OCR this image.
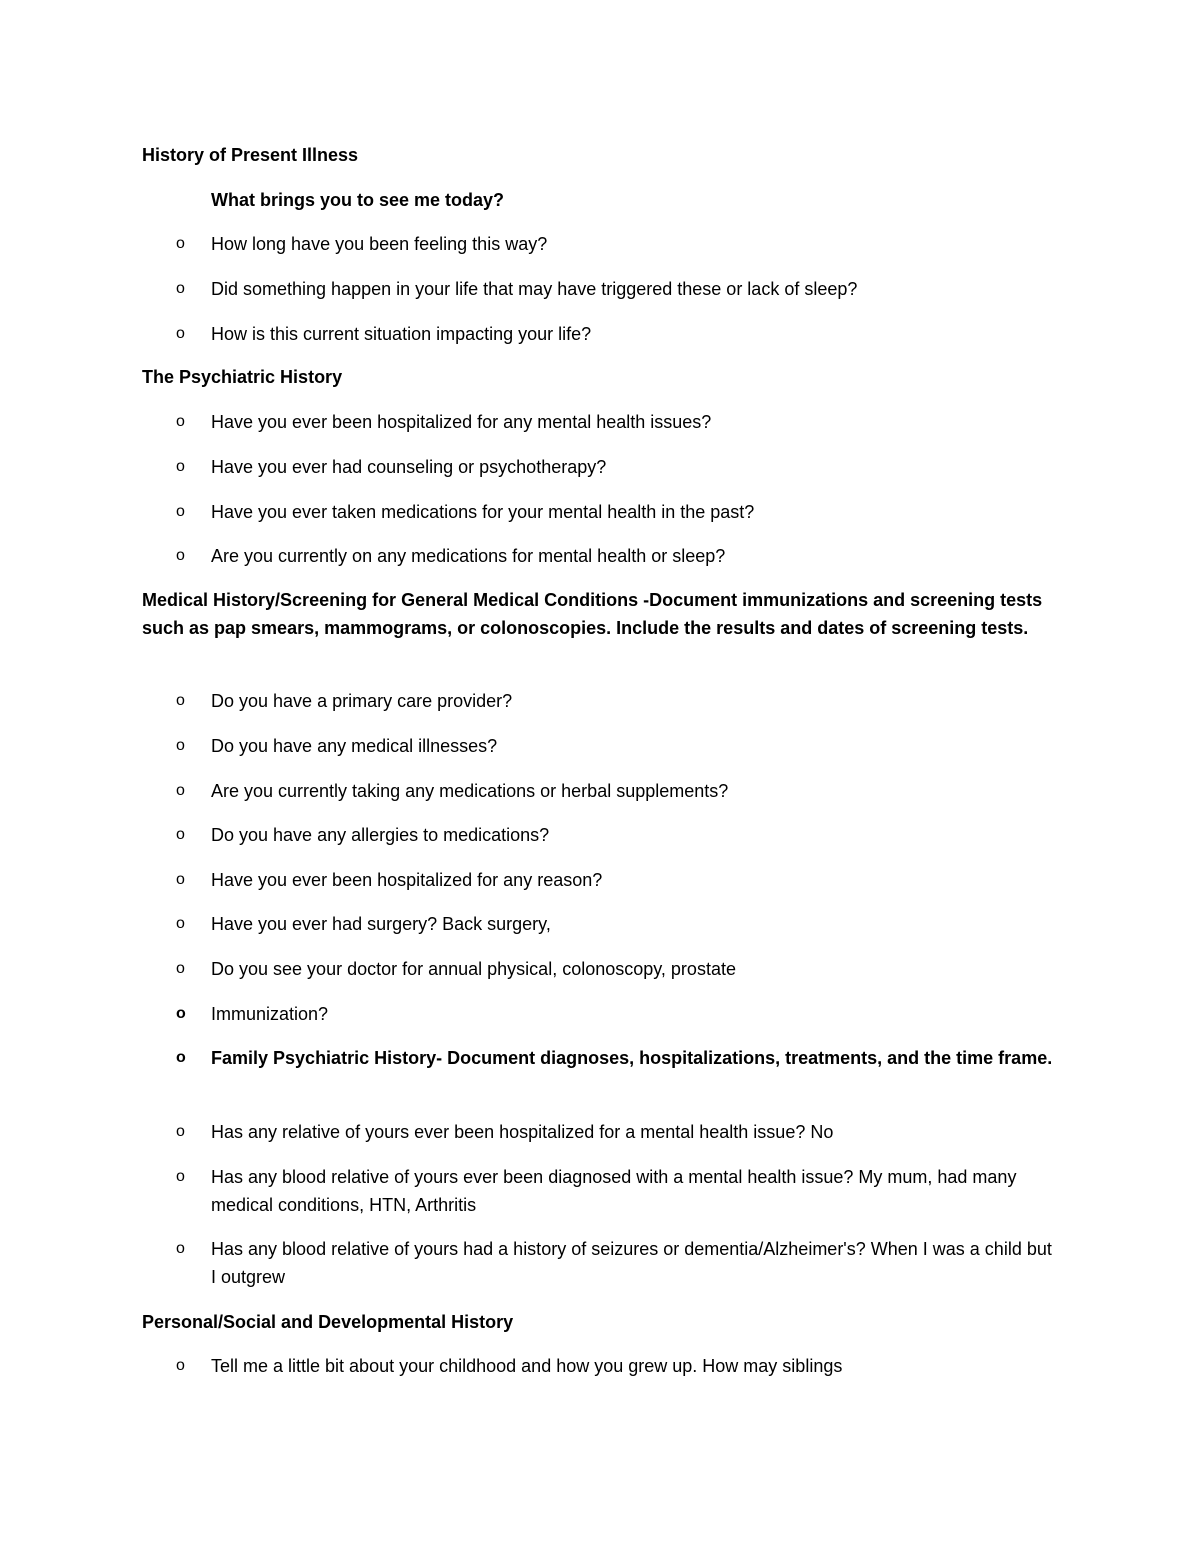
History of Present Illness
What brings you to see me today?
o How long have you been feeling this way?
o Did something happen in your life that may have triggered these or lack of sleep?
o How is this current situation impacting your life?
The Psychiatric History
o Have you ever been hospitalized for any mental health issues?
o Have you ever had counseling or psychotherapy?
o Have you ever taken medications for your mental health in the past?
o Are you currently on any medications for mental health or sleep?
Medical History/Screening for General Medical Conditions -Document immunizations and screening tests such as pap smears, mammograms, or colonoscopies. Include the results and dates of screening tests.
o Do you have a primary care provider?
o Do you have any medical illnesses?
o Are you currently taking any medications or herbal supplements?
o Do you have any allergies to medications?
o Have you ever been hospitalized for any reason?
o Have you ever had surgery? Back surgery,
o Do you see your doctor for annual physical, colonoscopy, prostate
o Immunization?
o Family Psychiatric History- Document diagnoses, hospitalizations, treatments, and the time frame.
o Has any relative of yours ever been hospitalized for a mental health issue? No
o Has any blood relative of yours ever been diagnosed with a mental health issue? My mum, had many medical conditions, HTN, Arthritis
o Has any blood relative of yours had a history of seizures or dementia/Alzheimer's? When I was a child but I outgrew
Personal/Social and Developmental History
o Tell me a little bit about your childhood and how you grew up. How may siblings
